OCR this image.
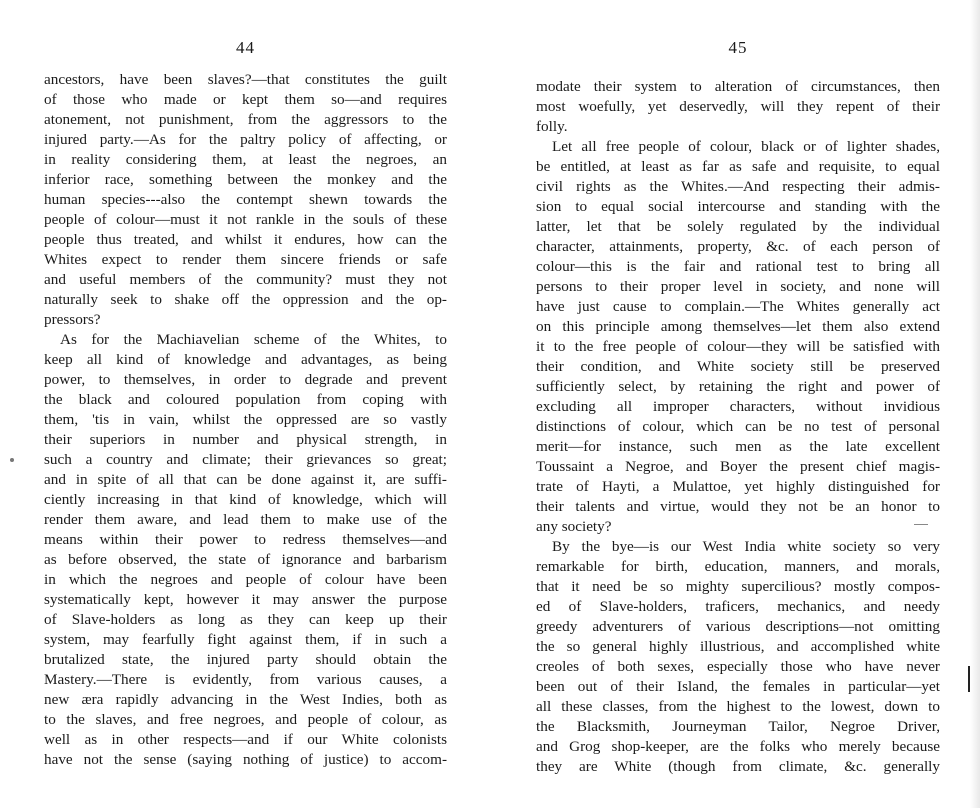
44
ancestors, have been slaves?—that constitutes the guilt
of those who made or kept them so—and requires
atonement, not punishment, from the aggressors to the
injured party.—As for the paltry policy of affecting, or
in reality considering them, at least the negroes, an
inferior race, something between the monkey and the
human species---also the contempt shewn towards the
people of colour—must it not rankle in the souls of these
people thus treated, and whilst it endures, how can the
Whites expect to render them sincere friends or safe
and useful members of the community? must they not
naturally seek to shake off the oppression and the op-
pressors?
As for the Machiavelian scheme of the Whites, to
keep all kind of knowledge and advantages, as being
power, to themselves, in order to degrade and prevent
the black and coloured population from coping with
them, 'tis in vain, whilst the oppressed are so vastly
their superiors in number and physical strength, in
such a country and climate; their grievances so great;
and in spite of all that can be done against it, are suffi-
ciently increasing in that kind of knowledge, which will
render them aware, and lead them to make use of the
means within their power to redress themselves—and
as before observed, the state of ignorance and barbarism
in which the negroes and people of colour have been
systematically kept, however it may answer the purpose
of Slave-holders as long as they can keep up their
system, may fearfully fight against them, if in such a
brutalized state, the injured party should obtain the
Mastery.—There is evidently, from various causes, a
new æra rapidly advancing in the West Indies, both as
to the slaves, and free negroes, and people of colour, as
well as in other respects—and if our White colonists
have not the sense (saying nothing of justice) to accom-
45
modate their system to alteration of circumstances, then
most woefully, yet deservedly, will they repent of their
folly.
Let all free people of colour, black or of lighter shades,
be entitled, at least as far as safe and requisite, to equal
civil rights as the Whites.—And respecting their admis-
sion to equal social intercourse and standing with the
latter, let that be solely regulated by the individual
character, attainments, property, &c. of each person of
colour—this is the fair and rational test to bring all
persons to their proper level in society, and none will
have just cause to complain.—The Whites generally act
on this principle among themselves—let them also extend
it to the free people of colour—they will be satisfied with
their condition, and White society still be preserved
sufficiently select, by retaining the right and power of
excluding all improper characters, without invidious
distinctions of colour, which can be no test of personal
merit—for instance, such men as the late excellent
Toussaint a Negroe, and Boyer the present chief magis-
trate of Hayti, a Mulattoe, yet highly distinguished for
their talents and virtue, would they not be an honor to
any society?
By the bye—is our West India white society so very
remarkable for birth, education, manners, and morals,
that it need be so mighty supercilious? mostly compos-
ed of Slave-holders, traficers, mechanics, and needy
greedy adventurers of various descriptions—not omitting
the so general highly illustrious, and accomplished white
creoles of both sexes, especially those who have never
been out of their Island, the females in particular—yet
all these classes, from the highest to the lowest, down to
the Blacksmith, Journeyman Tailor, Negroe Driver,
and Grog shop-keeper, are the folks who merely because
they are White (though from climate, &c. generally
